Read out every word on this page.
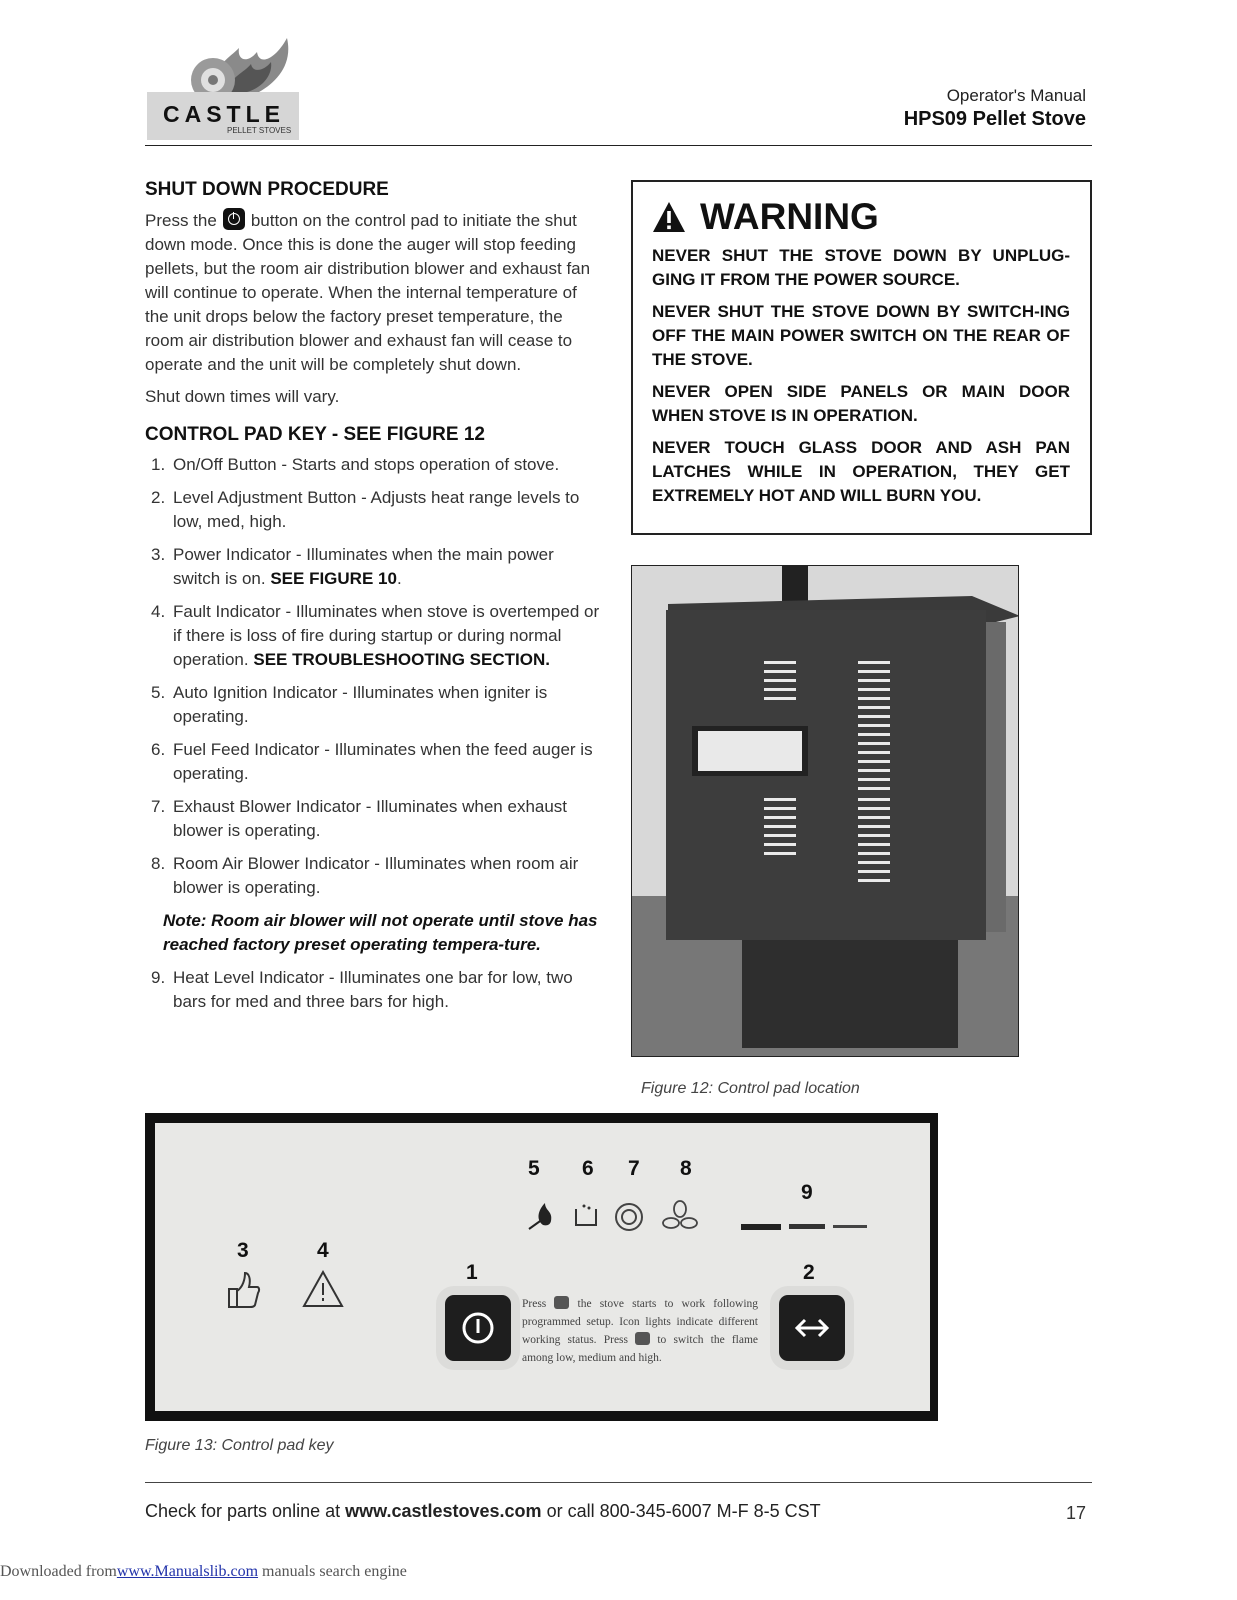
CASTLE
PELLET STOVES
Operator's Manual
HPS09 Pellet Stove
SHUT DOWN PROCEDURE
Press the button on the control pad to initiate the shut down mode. Once this is done the auger will stop feeding pellets, but the room air distribution blower and exhaust fan will continue to operate. When the internal temperature of the unit drops below the factory preset temperature, the room air distribution blower and exhaust fan will cease to operate and the unit will be completely shut down.
Shut down times will vary.
CONTROL PAD KEY - SEE FIGURE 12
1. On/Off Button - Starts and stops operation of stove.
2. Level Adjustment Button - Adjusts heat range levels to low, med, high.
3. Power Indicator - Illuminates when the main power switch is on. SEE FIGURE 10.
4. Fault Indicator - Illuminates when stove is overtemped or if there is loss of fire during startup or during normal operation. SEE TROUBLESHOOTING SECTION.
5. Auto Ignition Indicator - Illuminates when igniter is operating.
6. Fuel Feed Indicator - Illuminates when the feed auger is operating.
7. Exhaust Blower Indicator - Illuminates when exhaust blower is operating.
8. Room Air Blower Indicator - Illuminates when room air blower is operating.
Note: Room air blower will not operate until stove has reached factory preset operating tempera-ture.
9. Heat Level Indicator - Illuminates one bar for low, two bars for med and three bars for high.
WARNING
NEVER SHUT THE STOVE DOWN BY UNPLUG-GING IT FROM THE POWER SOURCE.
NEVER SHUT THE STOVE DOWN BY SWITCH-ING OFF THE MAIN POWER SWITCH ON THE REAR OF THE STOVE.
NEVER OPEN SIDE PANELS OR MAIN DOOR WHEN STOVE IS IN OPERATION.
NEVER TOUCH GLASS DOOR AND ASH PAN LATCHES WHILE IN OPERATION, THEY GET EXTREMELY HOT AND WILL BURN YOU.
Figure 12: Control pad location
5 6 7 8
9
3	4
1	2
Press	the stove starts to work following programmed setup. Icon lights indicate different working status. Press	to switch the flame among low, medium and high.
Figure 13: Control pad key
Check for parts online at www.castlestoves.com or call 800-345-6007 M-F 8-5 CST	17
Downloaded fromwww.Manualslib.com manuals search engine
